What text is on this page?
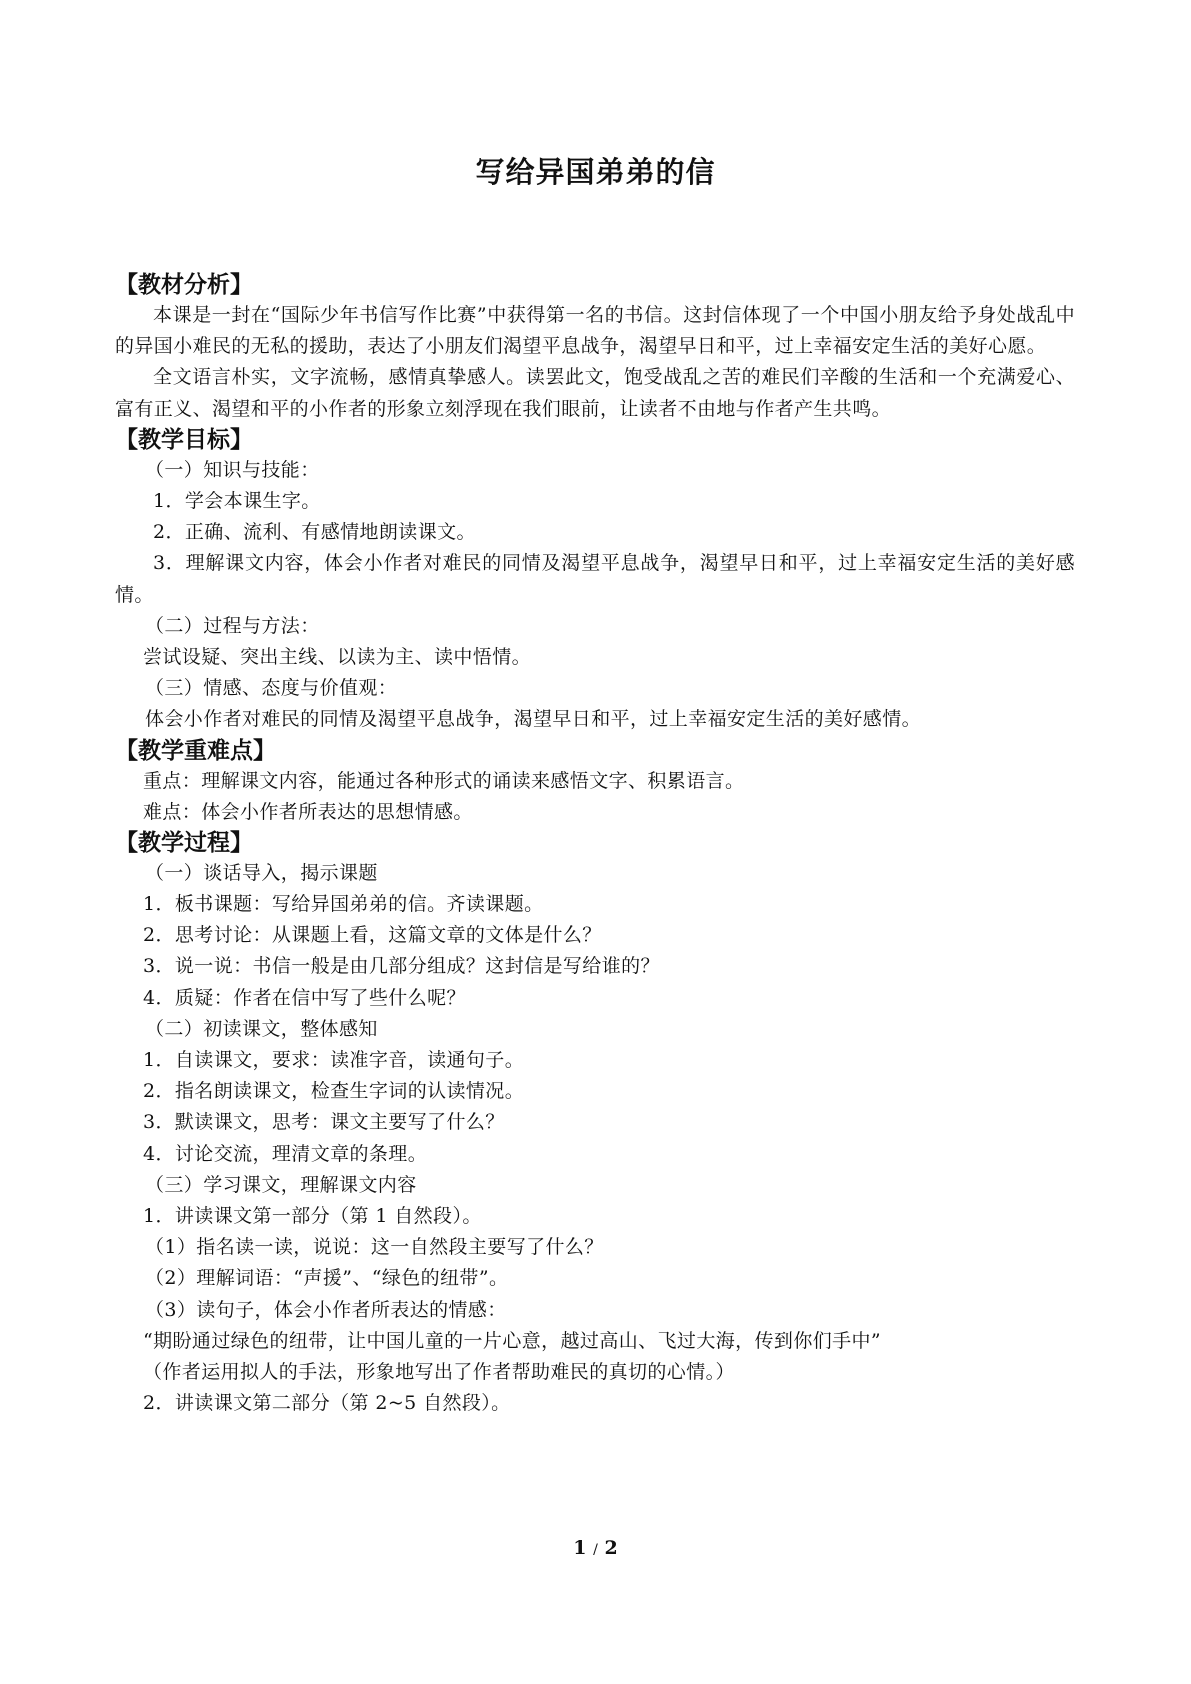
写给异国弟弟的信
【教材分析】

本课是一封在“国际少年书信写作比赛”中获得第一名的书信。这封信体现了一个中国小朋友给予身处战乱中的异国小难民的无私的援助，表达了小朋友们渴望平息战争，渴望早日和平，过上幸福安定生活的美好心愿。

全文语言朴实，文字流畅，感情真挚感人。读罢此文，饱受战乱之苦的难民们辛酸的生活和一个充满爱心、富有正义、渴望和平的小作者的形象立刻浮现在我们眼前，让读者不由地与作者产生共鸣。

【教学目标】
（一）知识与技能：
1．学会本课生字。
2．正确、流利、有感情地朗读课文。

3．理解课文内容，体会小作者对难民的同情及渴望平息战争，渴望早日和平，过上幸福安定生活的美好感情。

（二）过程与方法：
尝试设疑、突出主线、以读为主、读中悟情。
（三）情感、态度与价值观：

体会小作者对难民的同情及渴望平息战争，渴望早日和平，过上幸福安定生活的美好感情。

【教学重难点】
重点：理解课文内容，能通过各种形式的诵读来感悟文字、积累语言。
难点：体会小作者所表达的思想情感。
【教学过程】
（一）谈话导入，揭示课题
1．板书课题：写给异国弟弟的信。齐读课题。
2．思考讨论：从课题上看，这篇文章的文体是什么？
3．说一说：书信一般是由几部分组成？这封信是写给谁的？
4．质疑：作者在信中写了些什么呢？
（二）初读课文，整体感知
1．自读课文，要求：读准字音，读通句子。
2．指名朗读课文，检查生字词的认读情况。
3．默读课文，思考：课文主要写了什么？
4．讨论交流，理清文章的条理。
（三）学习课文，理解课文内容
1．讲读课文第一部分（第 1 自然段）。
（1）指名读一读，说说：这一自然段主要写了什么？
（2）理解词语：“声援”、“绿色的纽带”。
（3）读句子，体会小作者所表达的情感：
“期盼通过绿色的纽带，让中国儿童的一片心意，越过高山、飞过大海，传到你们手中”
（作者运用拟人的手法，形象地写出了作者帮助难民的真切的心情。）
2．讲读课文第二部分（第 2~5 自然段）。
1 / 2
